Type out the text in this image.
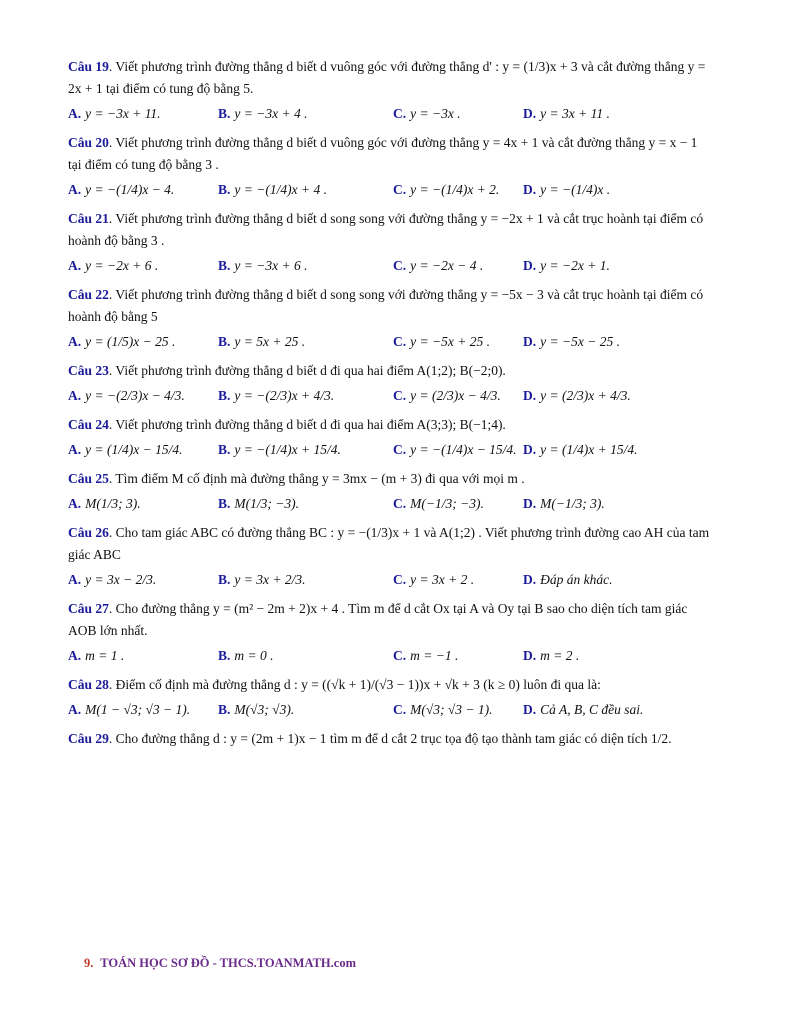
Câu 19. Viết phương trình đường thẳng d biết d vuông góc với đường thẳng d' : y = (1/3)x + 3 và cắt đường thẳng y = 2x + 1 tại điểm có tung độ bằng 5.

A. y = −3x + 11.	B. y = −3x + 4 .	C. y = −3x .	D. y = 3x + 11 .

Câu 20. Viết phương trình đường thẳng d biết d vuông góc với đường thẳng y = 4x + 1 và cắt đường thẳng y = x − 1 tại điểm có tung độ bằng 3 .

A. y = −(1/4)x − 4.	B. y = −(1/4)x + 4 .	C. y = −(1/4)x + 2.	D. y = −(1/4)x .

Câu 21. Viết phương trình đường thẳng d biết d song song với đường thẳng y = −2x + 1 và cắt trục hoành tại điểm có hoành độ bằng 3 .

A. y = −2x + 6 .	B. y = −3x + 6 .	C. y = −2x − 4 .	D. y = −2x + 1.

Câu 22. Viết phương trình đường thẳng d biết d song song với đường thẳng y = −5x − 3 và cắt trục hoành tại điểm có hoành độ bằng 5

A. y = (1/5)x − 25 .	B. y = 5x + 25 .	C. y = −5x + 25 .	D. y = −5x − 25 .

Câu 23. Viết phương trình đường thẳng d biết d đi qua hai điểm A(1;2); B(−2;0).

A. y = −(2/3)x − 4/3.	B. y = −(2/3)x + 4/3.	C. y = (2/3)x − 4/3.	D. y = (2/3)x + 4/3.

Câu 24. Viết phương trình đường thẳng d biết d đi qua hai điểm A(3;3); B(−1;4).

A. y = (1/4)x − 15/4.	B. y = −(1/4)x + 15/4.	C. y = −(1/4)x − 15/4. D. y = (1/4)x + 15/4.

Câu 25. Tìm điểm M cố định mà đường thẳng y = 3mx − (m + 3) đi qua với mọi m .

A. M(1/3; 3).	B. M(1/3; −3).	C. M(−1/3; −3).	D. M(−1/3; 3).

Câu 26. Cho tam giác ABC có đường thẳng BC : y = −(1/3)x + 1 và A(1;2) . Viết phương trình đường cao AH của tam giác ABC

A. y = 3x − 2/3.	B. y = 3x + 2/3.	C. y = 3x + 2 .	D. Đáp án khác.

Câu 27. Cho đường thẳng y = (m² − 2m + 2)x + 4 . Tìm m để d cắt Ox tại A và Oy tại B sao cho diện tích tam giác AOB lớn nhất.

A. m = 1 .	B. m = 0 .	C. m = −1 .	D. m = 2 .

Câu 28. Điểm cố định mà đường thẳng d : y = ((√k + 1)/(√3 − 1))x + √k + 3 (k ≥ 0) luôn đi qua là:

A. M(1 − √3; √3 − 1).	B. M(√3; √3).	C. M(√3; √3 − 1).	D. Cả A, B, C đều sai.

Câu 29. Cho đường thẳng d : y = (2m + 1)x − 1 tìm m để d cắt 2 trục tọa độ tạo thành tam giác có diện tích 1/2.

9. TOÁN HỌC SƠ ĐỒ - THCS.TOANMATH.com
